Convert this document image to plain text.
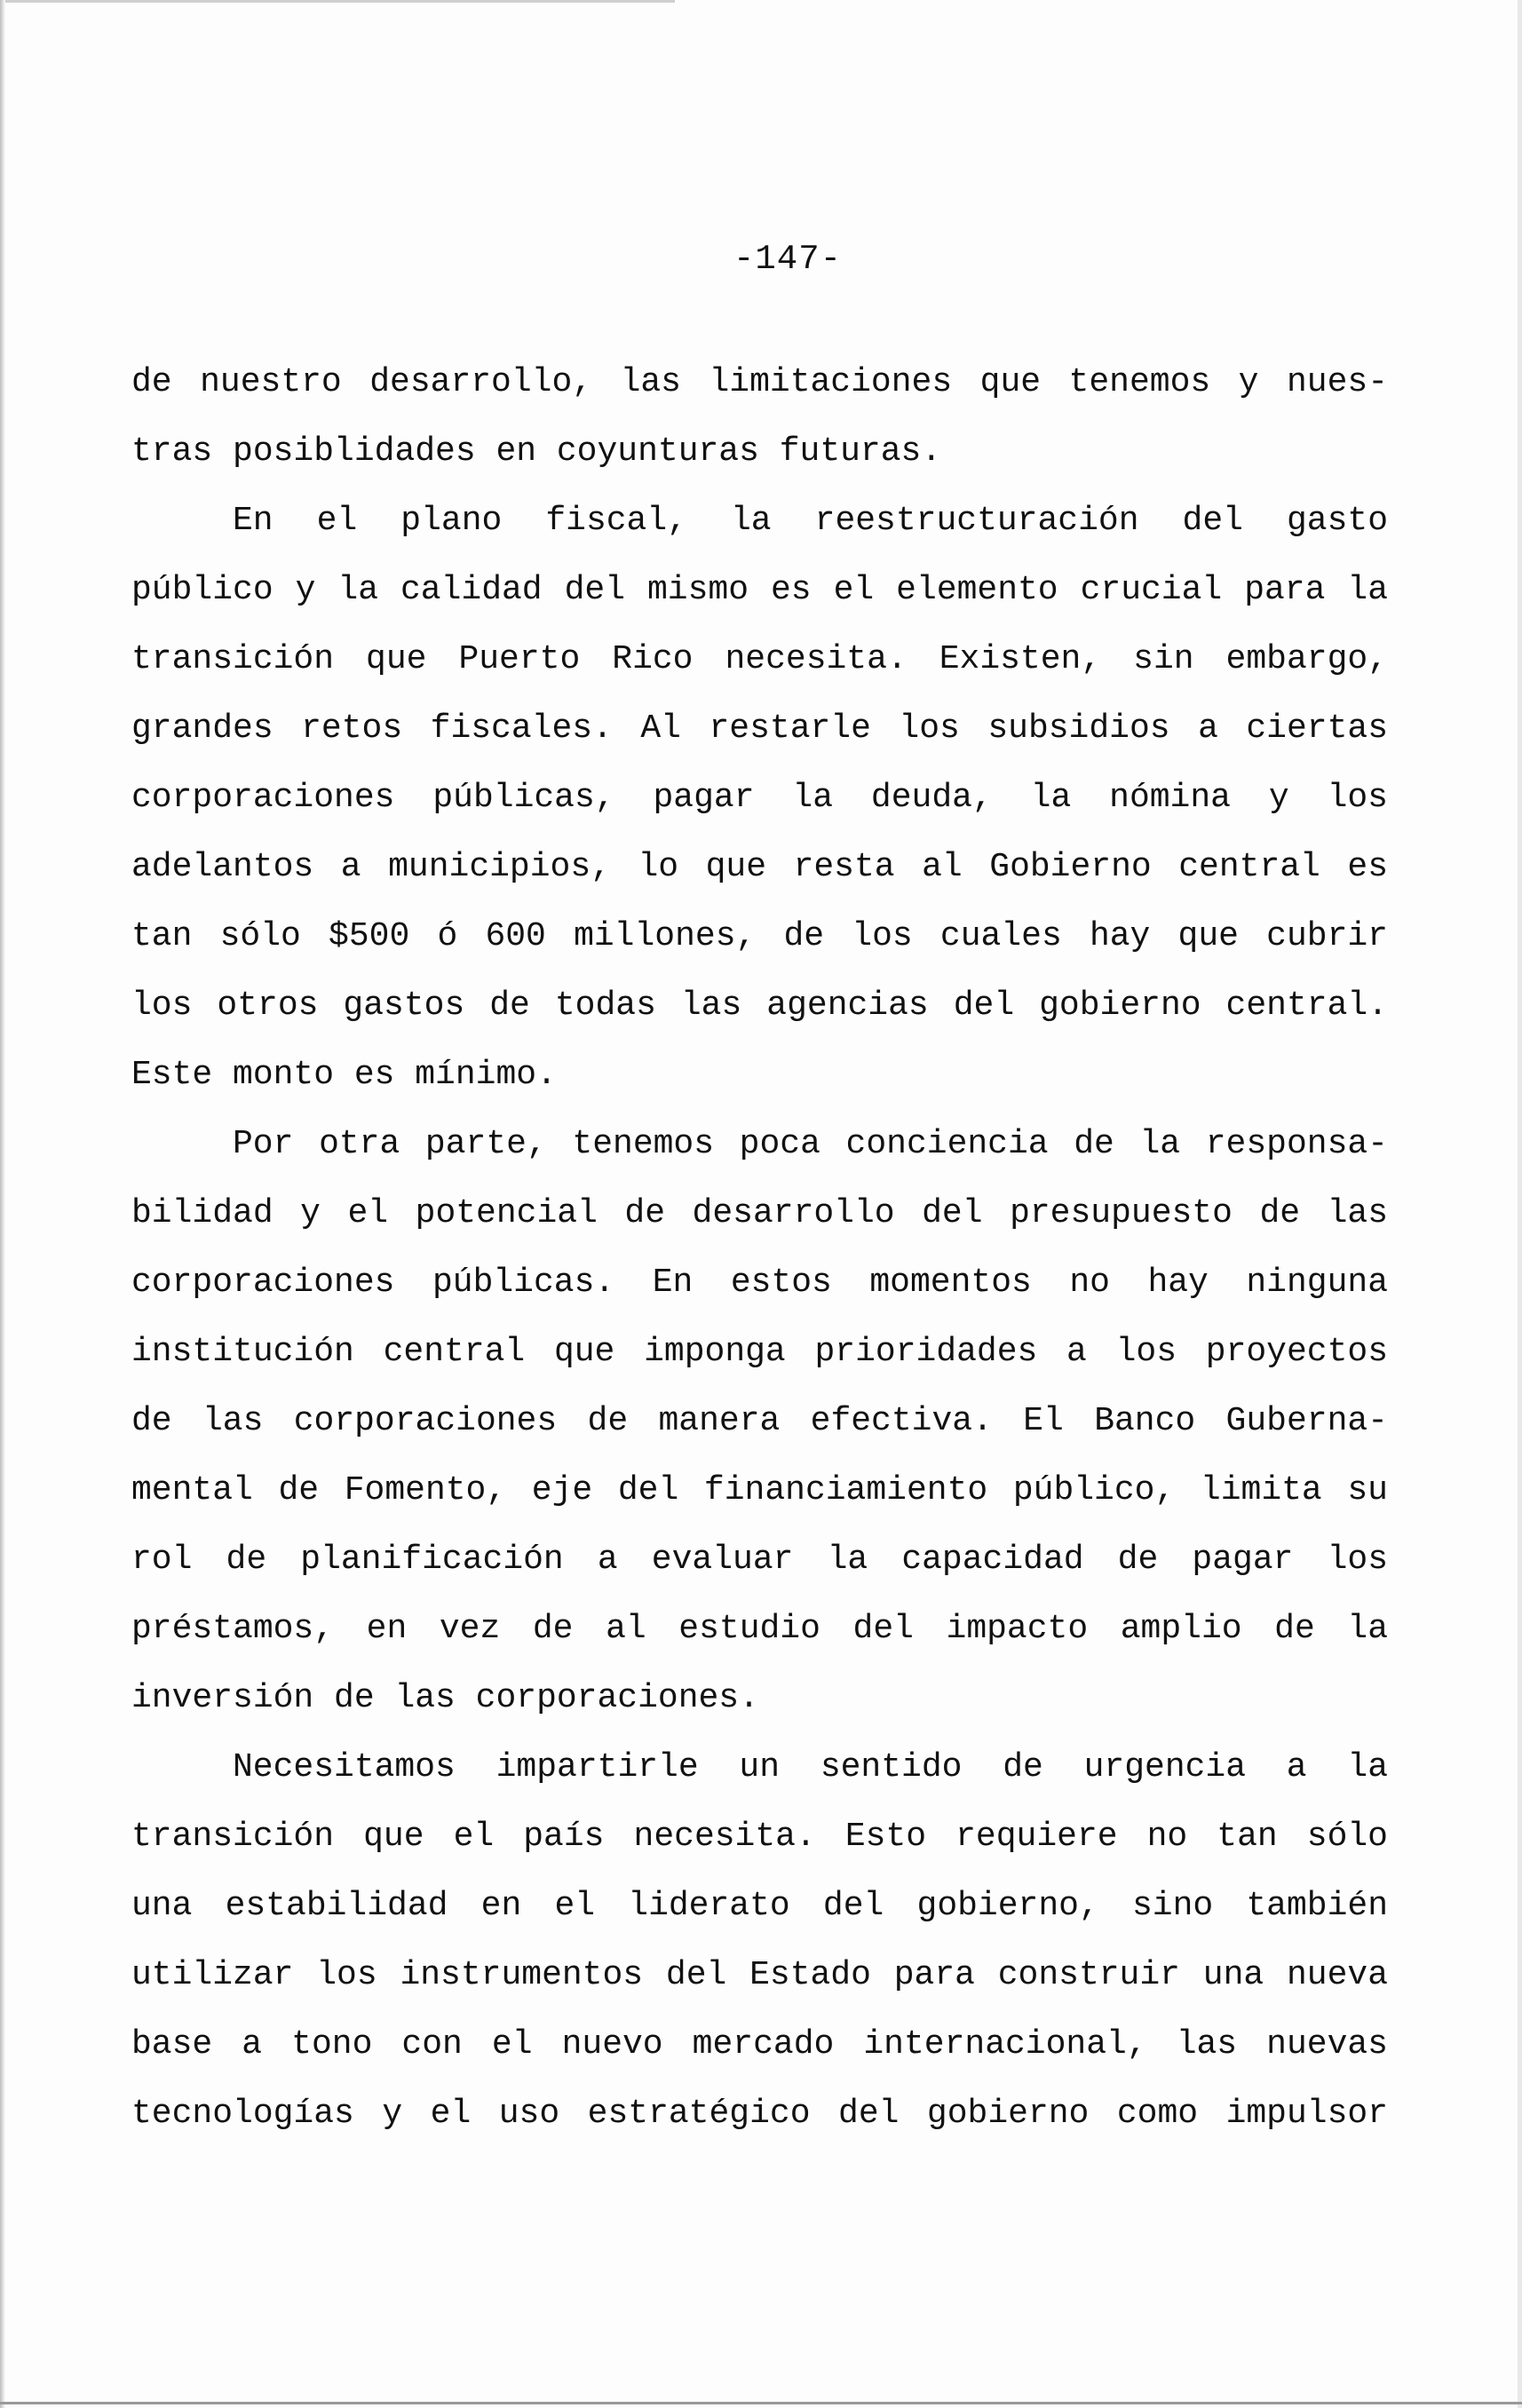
-147-
de nuestro desarrollo, las limitaciones que tenemos y nues-
tras posiblidades en coyunturas futuras.
En el plano fiscal, la reestructuración del gasto
público y la calidad del mismo es el elemento crucial para la
transición que Puerto Rico necesita. Existen, sin embargo,
grandes retos fiscales. Al restarle los subsidios a ciertas
corporaciones públicas, pagar la deuda, la nómina y los
adelantos a municipios, lo que resta al Gobierno central es
tan sólo $500 ó 600 millones, de los cuales hay que cubrir
los otros gastos de todas las agencias del gobierno central.
Este monto es mínimo.
Por otra parte, tenemos poca conciencia de la responsa-
bilidad y el potencial de desarrollo del presupuesto de las
corporaciones públicas. En estos momentos no hay ninguna
institución central que imponga prioridades a los proyectos
de las corporaciones de manera efectiva. El Banco Guberna-
mental de Fomento, eje del financiamiento público, limita su
rol de planificación a evaluar la capacidad de pagar los
préstamos, en vez de al estudio del impacto amplio de la
inversión de las corporaciones.
Necesitamos impartirle un sentido de urgencia a la
transición que el país necesita. Esto requiere no tan sólo
una estabilidad en el liderato del gobierno, sino también
utilizar los instrumentos del Estado para construir una nueva
base a tono con el nuevo mercado internacional, las nuevas
tecnologías y el uso estratégico del gobierno como impulsor
